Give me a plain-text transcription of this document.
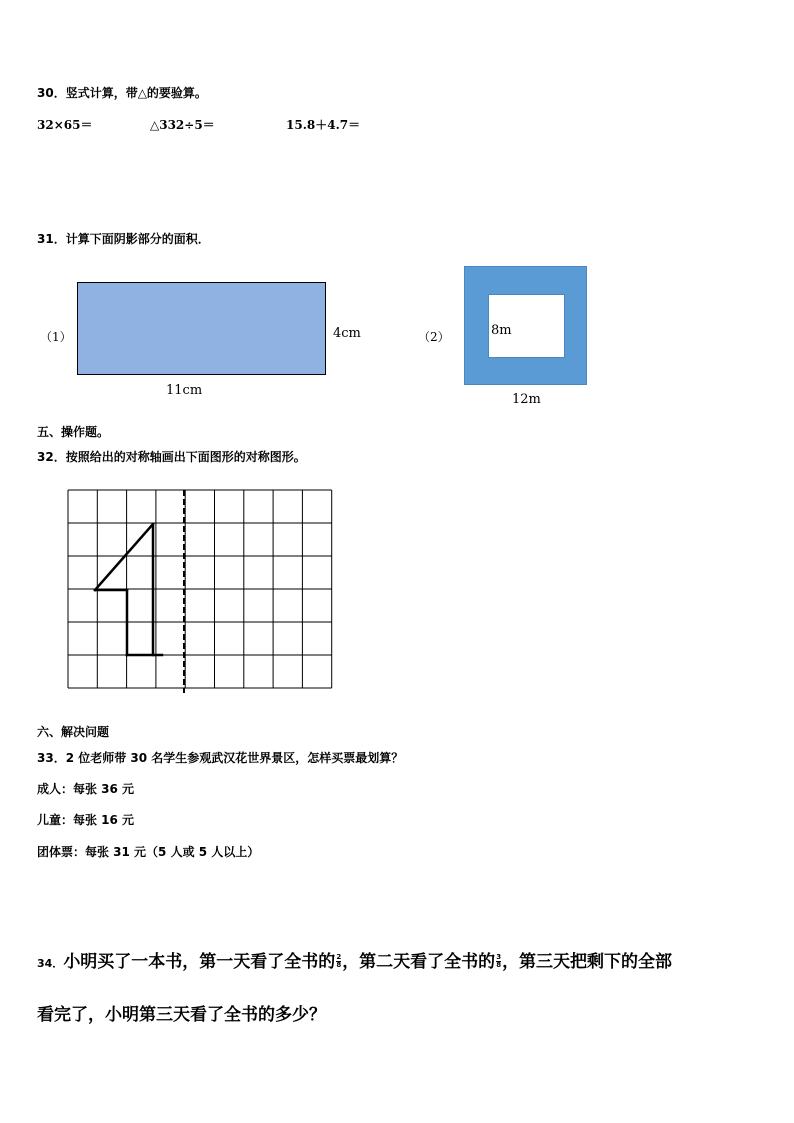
30．竖式计算，带△的要验算。
32×65＝	△332÷5＝	15.8＋4.7＝
31．计算下面阴影部分的面积．
（1）	4cm
11cm
（2）	8m
12m
五、操作题。
32．按照给出的对称轴画出下面图形的对称图形。
六、解决问题
33．2 位老师带 30 名学生参观武汉花世界景区，怎样买票最划算？
成人：每张 36 元
儿童：每张 16 元
团体票：每张 31 元（5 人或 5 人以上）
34．小明买了一本书，第一天看了全书的 $\frac{2}{8}$ ，第二天看了全书的 $\frac{3}{8}$ ，第三天把剩下的全部
看完了，小明第三天看了全书的多少？
